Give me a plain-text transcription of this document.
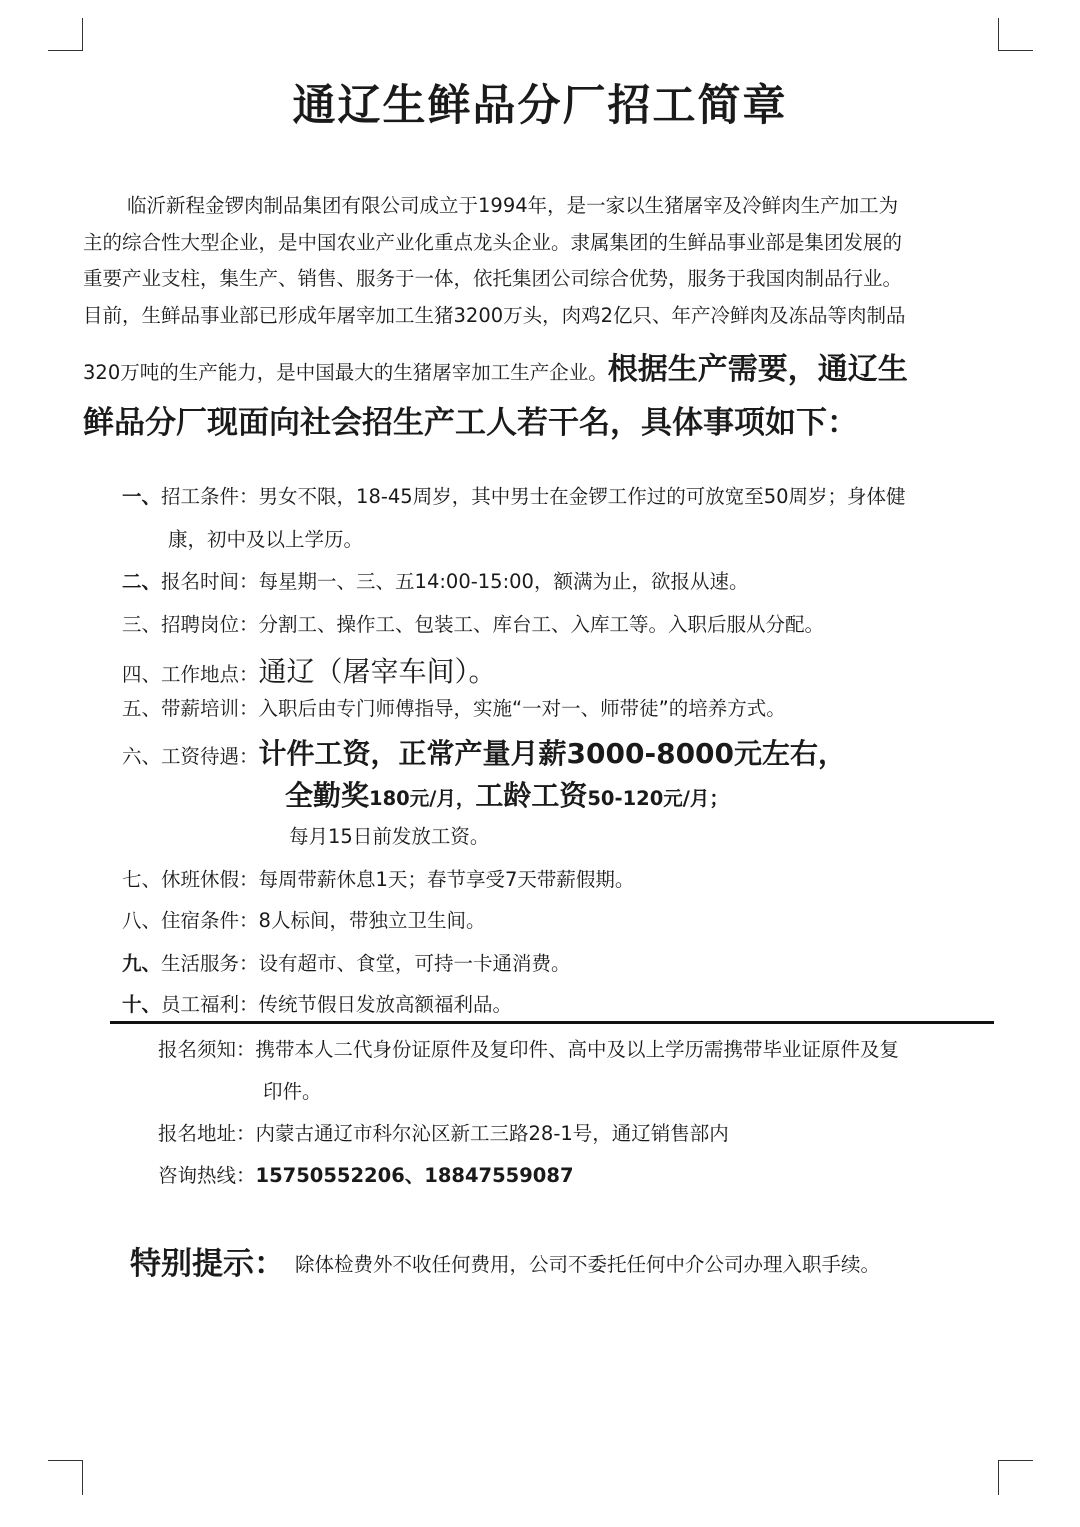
通辽生鲜品分厂招工简章
临沂新程金锣肉制品集团有限公司成立于1994年，是一家以生猪屠宰及冷鲜肉生产加工为
主的综合性大型企业，是中国农业产业化重点龙头企业。隶属集团的生鲜品事业部是集团发展的
重要产业支柱，集生产、销售、服务于一体，依托集团公司综合优势，服务于我国肉制品行业。
目前，生鲜品事业部已形成年屠宰加工生猪3200万头，肉鸡2亿只、年产冷鲜肉及冻品等肉制品
320万吨的生产能力，是中国最大的生猪屠宰加工生产企业。根据生产需要，通辽生
鲜品分厂现面向社会招生产工人若干名，具体事项如下：
一、招工条件：男女不限，18-45周岁，其中男士在金锣工作过的可放宽至50周岁；身体健
康，初中及以上学历。
二、报名时间：每星期一、三、五14:00-15:00，额满为止，欲报从速。
三、招聘岗位：分割工、操作工、包装工、库台工、入库工等。入职后服从分配。
四、工作地点：通辽（屠宰车间）。
五、带薪培训：入职后由专门师傅指导，实施“一对一、师带徒”的培养方式。
六、工资待遇：计件工资，正常产量月薪3000-8000元左右，
全勤奖180元/月，工龄工资50-120元/月；
每月15日前发放工资。
七、休班休假：每周带薪休息1天；春节享受7天带薪假期。
八、住宿条件：8人标间，带独立卫生间。
九、生活服务：设有超市、食堂，可持一卡通消费。
十、员工福利：传统节假日发放高额福利品。
报名须知：携带本人二代身份证原件及复印件、高中及以上学历需携带毕业证原件及复
印件。
报名地址：内蒙古通辽市科尔沁区新工三路28-1号，通辽销售部内
咨询热线：15750552206、18847559087
特别提示： 除体检费外不收任何费用，公司不委托任何中介公司办理入职手续。
